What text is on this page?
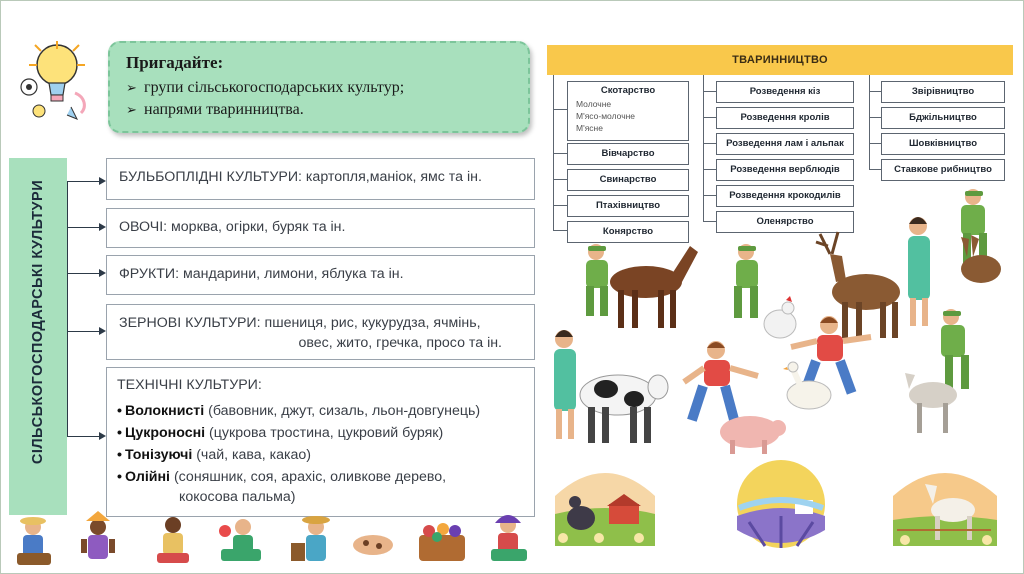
Пригадайте:
➢ групи сільськогосподарських культур;
➢ напрями тваринництва.
СІЛЬСЬКОГОСПОДАРСЬКІ КУЛЬТУРИ
БУЛЬБОПЛІДНІ КУЛЬТУРИ: картопля,маніок, ямс та ін.
ОВОЧІ: морква, огірки, буряк та ін.
ФРУКТИ: мандарини, лимони, яблука та ін.
ЗЕРНОВІ КУЛЬТУРИ: пшениця, рис, кукурудза, ячмінь,
овес, жито, гречка, просо та ін.
ТЕХНІЧНІ КУЛЬТУРИ:
• Волокнисті (бавовник, джут, сизаль, льон-довгунець)
• Цукроносні (цукрова тростина, цукровий буряк)
• Тонізуючі (чай, кава, какао)
• Олійні (соняшник, соя, арахіс, оливкове дерево,
кокосова пальма)
ТВАРИННИЦТВО
Скотарство
Молочне
М'ясо-молочне
М'ясне
Вівчарство
Свинарство
Птахівництво
Конярство
Розведення кіз
Розведення кролів
Розведення лам і альпак
Розведення верблюдів
Розведення крокодилів
Оленярство
Звірівництво
Бджільництво
Шовківництво
Ставкове рибництво
